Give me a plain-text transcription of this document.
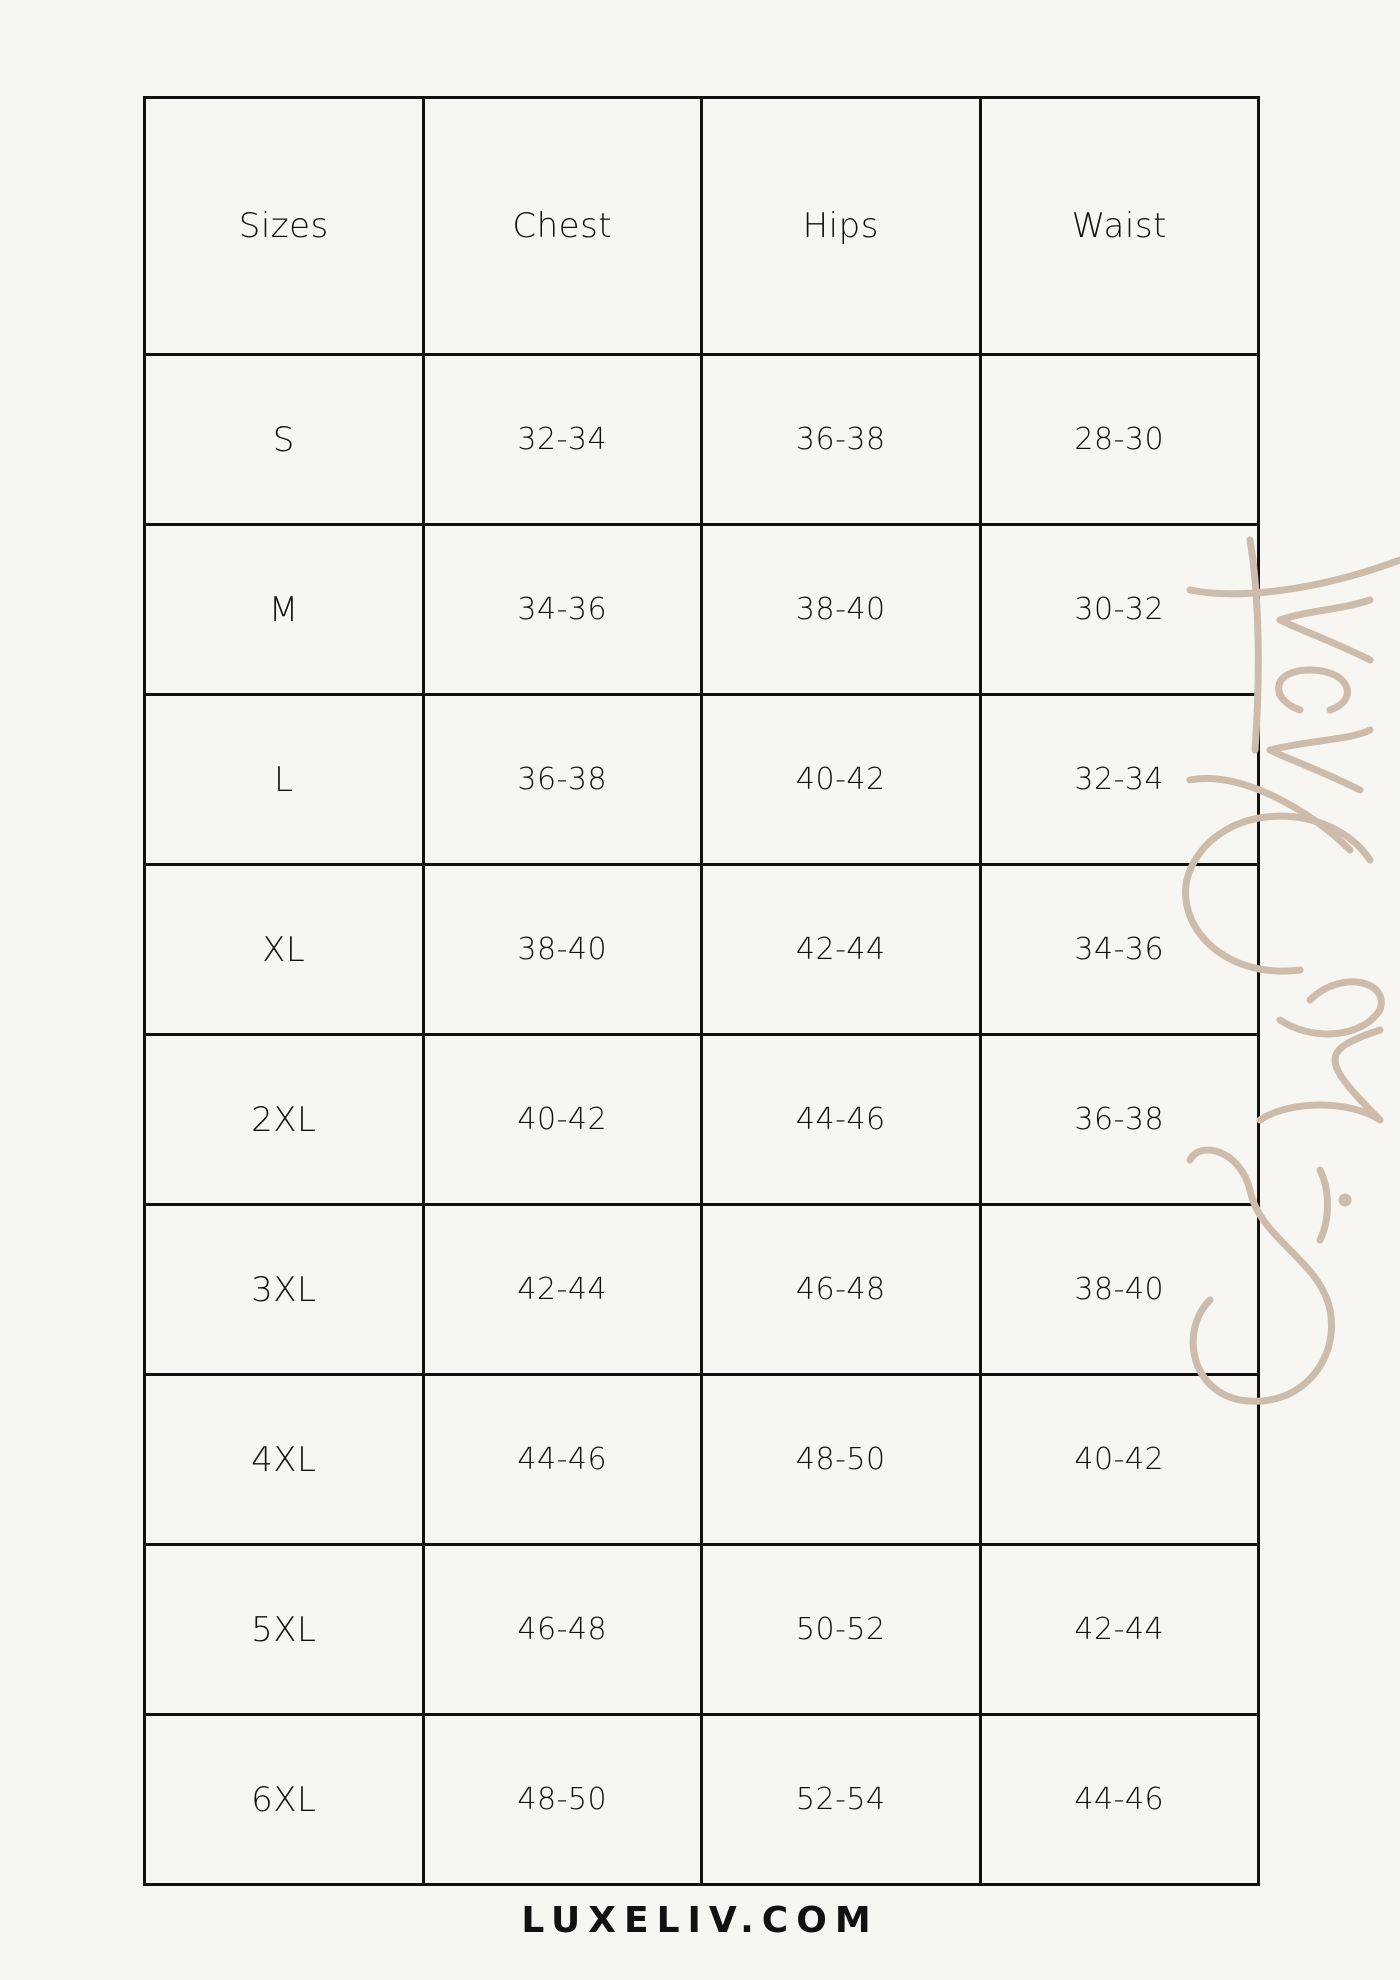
Sizes	Chest	Hips	Waist
S	32-34	36-38	28-30
M	34-36	38-40	30-32
L	36-38	40-42	32-34
XL	38-40	42-44	34-36
2XL	40-42	44-46	36-38
3XL	42-44	46-48	38-40
4XL	44-46	48-50	40-42
5XL	46-48	50-52	42-44
6XL	48-50	52-54	44-46
LUXELIV.COM
